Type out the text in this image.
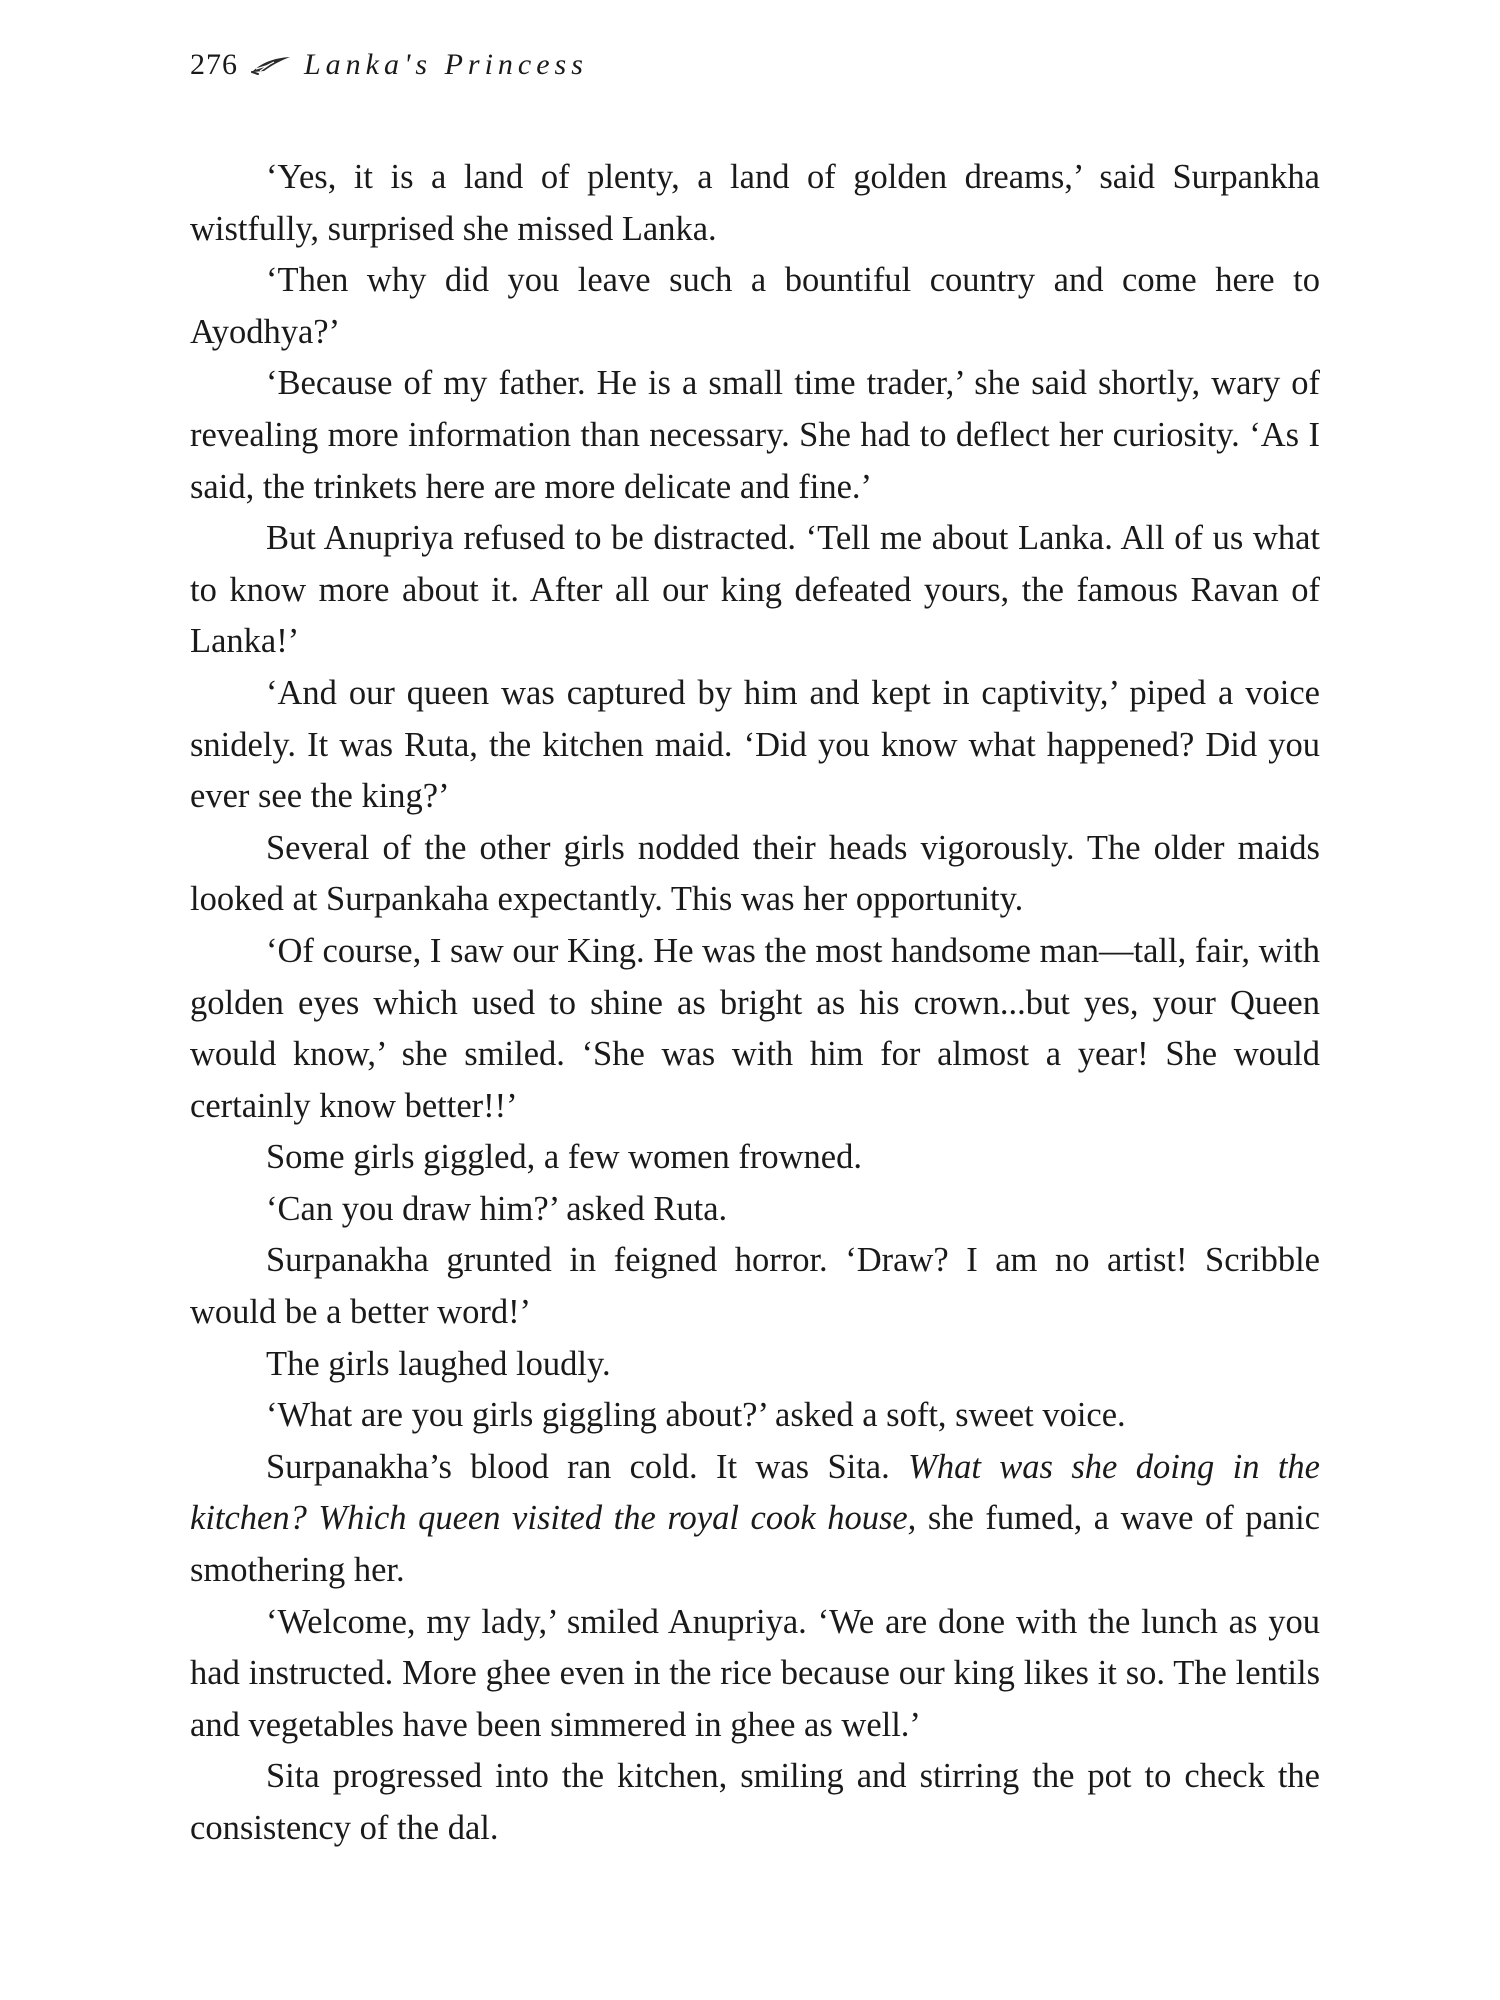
276 Lanka's Princess

‘Yes, it is a land of plenty, a land of golden dreams,’ said Surpankha wistfully, surprised she missed Lanka.

‘Then why did you leave such a bountiful country and come here to Ayodhya?’

‘Because of my father. He is a small time trader,’ she said shortly, wary of revealing more information than necessary. She had to deflect her curiosity. ‘As I said, the trinkets here are more delicate and fine.’

But Anupriya refused to be distracted. ‘Tell me about Lanka. All of us what to know more about it. After all our king defeated yours, the famous Ravan of Lanka!’

‘And our queen was captured by him and kept in captivity,’ piped a voice snidely. It was Ruta, the kitchen maid. ‘Did you know what happened? Did you ever see the king?’

Several of the other girls nodded their heads vigorously. The older maids looked at Surpankaha expectantly. This was her opportunity.

‘Of course, I saw our King. He was the most handsome man—tall, fair, with golden eyes which used to shine as bright as his crown...but yes, your Queen would know,’ she smiled. ‘She was with him for almost a year! She would certainly know better!!’

Some girls giggled, a few women frowned.

‘Can you draw him?’ asked Ruta.

Surpanakha grunted in feigned horror. ‘Draw? I am no artist! Scribble would be a better word!’

The girls laughed loudly.

‘What are you girls giggling about?’ asked a soft, sweet voice.

Surpanakha’s blood ran cold. It was Sita. What was she doing in the kitchen? Which queen visited the royal cook house, she fumed, a wave of panic smothering her.

‘Welcome, my lady,’ smiled Anupriya. ‘We are done with the lunch as you had instructed. More ghee even in the rice because our king likes it so. The lentils and vegetables have been simmered in ghee as well.’

Sita progressed into the kitchen, smiling and stirring the pot to check the consistency of the dal.
